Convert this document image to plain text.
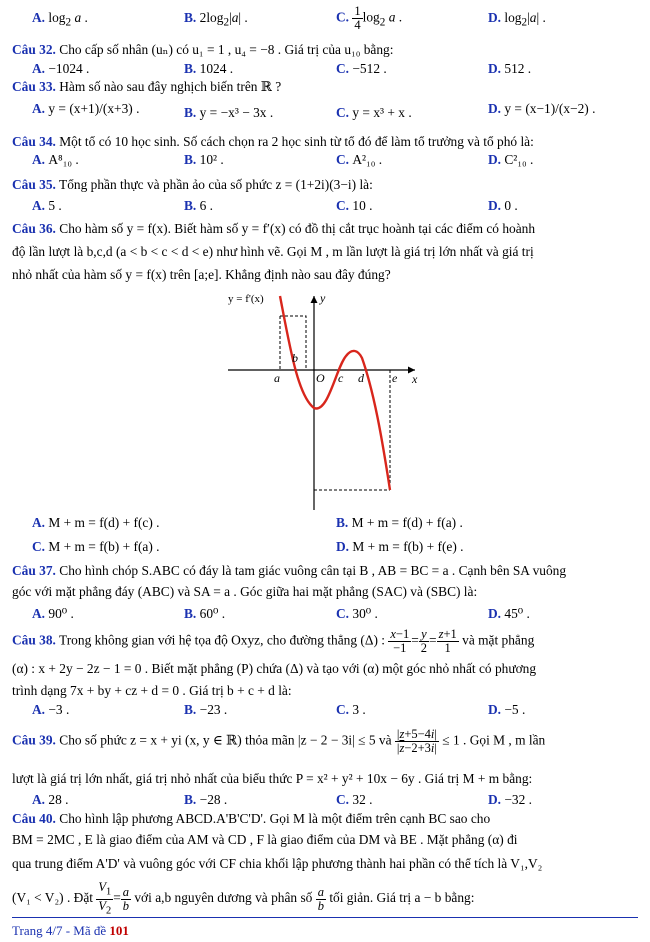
A. $\log_2 a$ .	B. $2\log_2|a|$ .	C. $\frac{1}{4} \log_2 a$ .	D. $\log_2|a|$ .
Câu 32. Cho cấp số nhân (uₙ) có u₁ = 1 , u₄ = −8 . Giá trị của u₁₀ bằng:
A. −1024 .	B. 1024 .	C. −512 .	D. 512 .
Câu 33. Hàm số nào sau đây nghịch biến trên ℝ ?
A. y = (x+1)/(x+3) .	B. y = −x³ − 3x .	C. y = x³ + x .	D. y = (x−1)/(x−2) .
Câu 34. Một tổ có 10 học sinh. Số cách chọn ra 2 học sinh từ tổ đó để làm tổ trưởng và tổ phó là:
A. A⁸₁₀ .	B. 10² .	C. A²₁₀ .	D. C²₁₀ .
Câu 35. Tổng phần thực và phần ảo của số phức z = (1+2i)(3−i) là:
A. 5 .	B. 6 .	C. 10 .	D. 0 .
Câu 36. Cho hàm số y = f(x). Biết hàm số y = f′(x) có đồ thị cắt trục hoành tại các điểm có hoành
độ lần lượt là b,c,d (a < b < c < d < e) như hình vẽ. Gọi M , m lần lượt là giá trị lớn nhất và giá trị
nhỏ nhất của hàm số y = f(x) trên [a;e]. Khẳng định nào sau đây đúng?
y = f'(x)	y
x
a
b
O c d e
A. M + m = f(d) + f(c) .	B. M + m = f(d) + f(a) .
C. M + m = f(b) + f(a) .	D. M + m = f(b) + f(e) .
Câu 37. Cho hình chóp S.ABC có đáy là tam giác vuông cân tại B , AB = BC = a . Cạnh bên SA vuông
góc với mặt phẳng đáy (ABC) và SA = a . Góc giữa hai mặt phẳng (SAC) và (SBC) là:
A. 90⁰ .	B. 60⁰ .	C. 30⁰ .	D. 45⁰ .
Câu 38. Trong không gian với hệ tọa độ Oxyz, cho đường thẳng (Δ) : $\frac{x-1}{-1} = \frac{y}{2} = \frac{z+1}{1}$ và mặt phẳng
(α) : x + 2y − 2z − 1 = 0 . Biết mặt phẳng (P) chứa (Δ) và tạo với (α) một góc nhỏ nhất có phương
trình dạng 7x + by + cz + d = 0 . Giá trị b + c + d là:
A. −3 .	B. −23 .	C. 3 .	D. −5 .
Câu 39. Cho số phức z = x + yi (x, y ∈ ℝ) thỏa mãn |z − 2 − 3i| ≤ 5 và $\frac{|z+5-4i|}{|\overline{z}-2+3i|} \le 1$ . Gọi M , m lần
lượt là giá trị lớn nhất, giá trị nhỏ nhất của biểu thức P = x² + y² + 10x − 6y . Giá trị M + m bằng:
A. 28 .	B. −28 .	C. 32 .	D. −32 .
Câu 40. Cho hình lập phương ABCD.A'B'C'D'. Gọi M là một điểm trên cạnh BC sao cho
BM = 2MC , E là giao điểm của AM và CD , F là giao điểm của DM và BE . Mặt phẳng (α) đi
qua trung điểm A'D' và vuông góc với CF chia khối lập phương thành hai phần có thể tích là V₁,V₂
(V₁ < V₂) . Đặt $\frac{V_1}{V_2} = \frac{a}{b}$ với a,b nguyên dương và phân số $\frac{a}{b}$ tối giản. Giá trị a − b bằng:
Trang 4/7 - Mã đề 101
